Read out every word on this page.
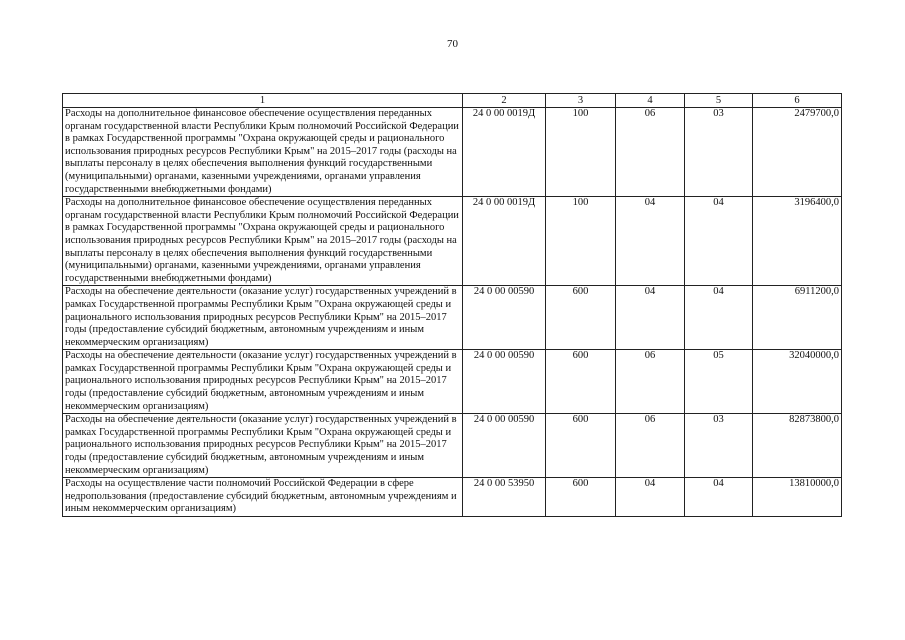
70
1	2	3	4	5	6
Расходы на дополнительное финансовое обеспечение осуществления переданных органам государственной власти Республики Крым полномочий Российской Федерации в рамках Государственной программы "Охрана окружающей среды и рационального использования природных ресурсов Республики Крым" на 2015–2017 годы (расходы на выплаты персоналу в целях обеспечения выполнения функций государственными (муниципальными) органами, казенными учреждениями, органами управления государственными внебюджетными фондами)	24 0 00 0019Д	100	06	03	2479700,0
Расходы на дополнительное финансовое обеспечение осуществления переданных органам государственной власти Республики Крым полномочий Российской Федерации в рамках Государственной программы "Охрана окружающей среды и рационального использования природных ресурсов Республики Крым" на 2015–2017 годы (расходы на выплаты персоналу в целях обеспечения выполнения функций государственными (муниципальными) органами, казенными учреждениями, органами управления государственными внебюджетными фондами)	24 0 00 0019Д	100	04	04	3196400,0
Расходы на обеспечение деятельности (оказание услуг) государственных учреждений в рамках Государственной программы Республики Крым "Охрана окружающей среды и рационального использования природных ресурсов Республики Крым" на 2015–2017 годы (предоставление субсидий бюджетным, автономным учреждениям и иным некоммерческим организациям)	24 0 00 00590	600	04	04	6911200,0
Расходы на обеспечение деятельности (оказание услуг) государственных учреждений в рамках Государственной программы Республики Крым "Охрана окружающей среды и рационального использования природных ресурсов Республики Крым" на 2015–2017 годы (предоставление субсидий бюджетным, автономным учреждениям и иным некоммерческим организациям)	24 0 00 00590	600	06	05	32040000,0
Расходы на обеспечение деятельности (оказание услуг) государственных учреждений в рамках Государственной программы Республики Крым "Охрана окружающей среды и рационального использования природных ресурсов Республики Крым" на 2015–2017 годы (предоставление субсидий бюджетным, автономным учреждениям и иным некоммерческим организациям)	24 0 00 00590	600	06	03	82873800,0
Расходы на осуществление части полномочий Российской Федерации в сфере недропользования (предоставление субсидий бюджетным, автономным учреждениям и иным некоммерческим организациям)	24 0 00 53950	600	04	04	13810000,0
